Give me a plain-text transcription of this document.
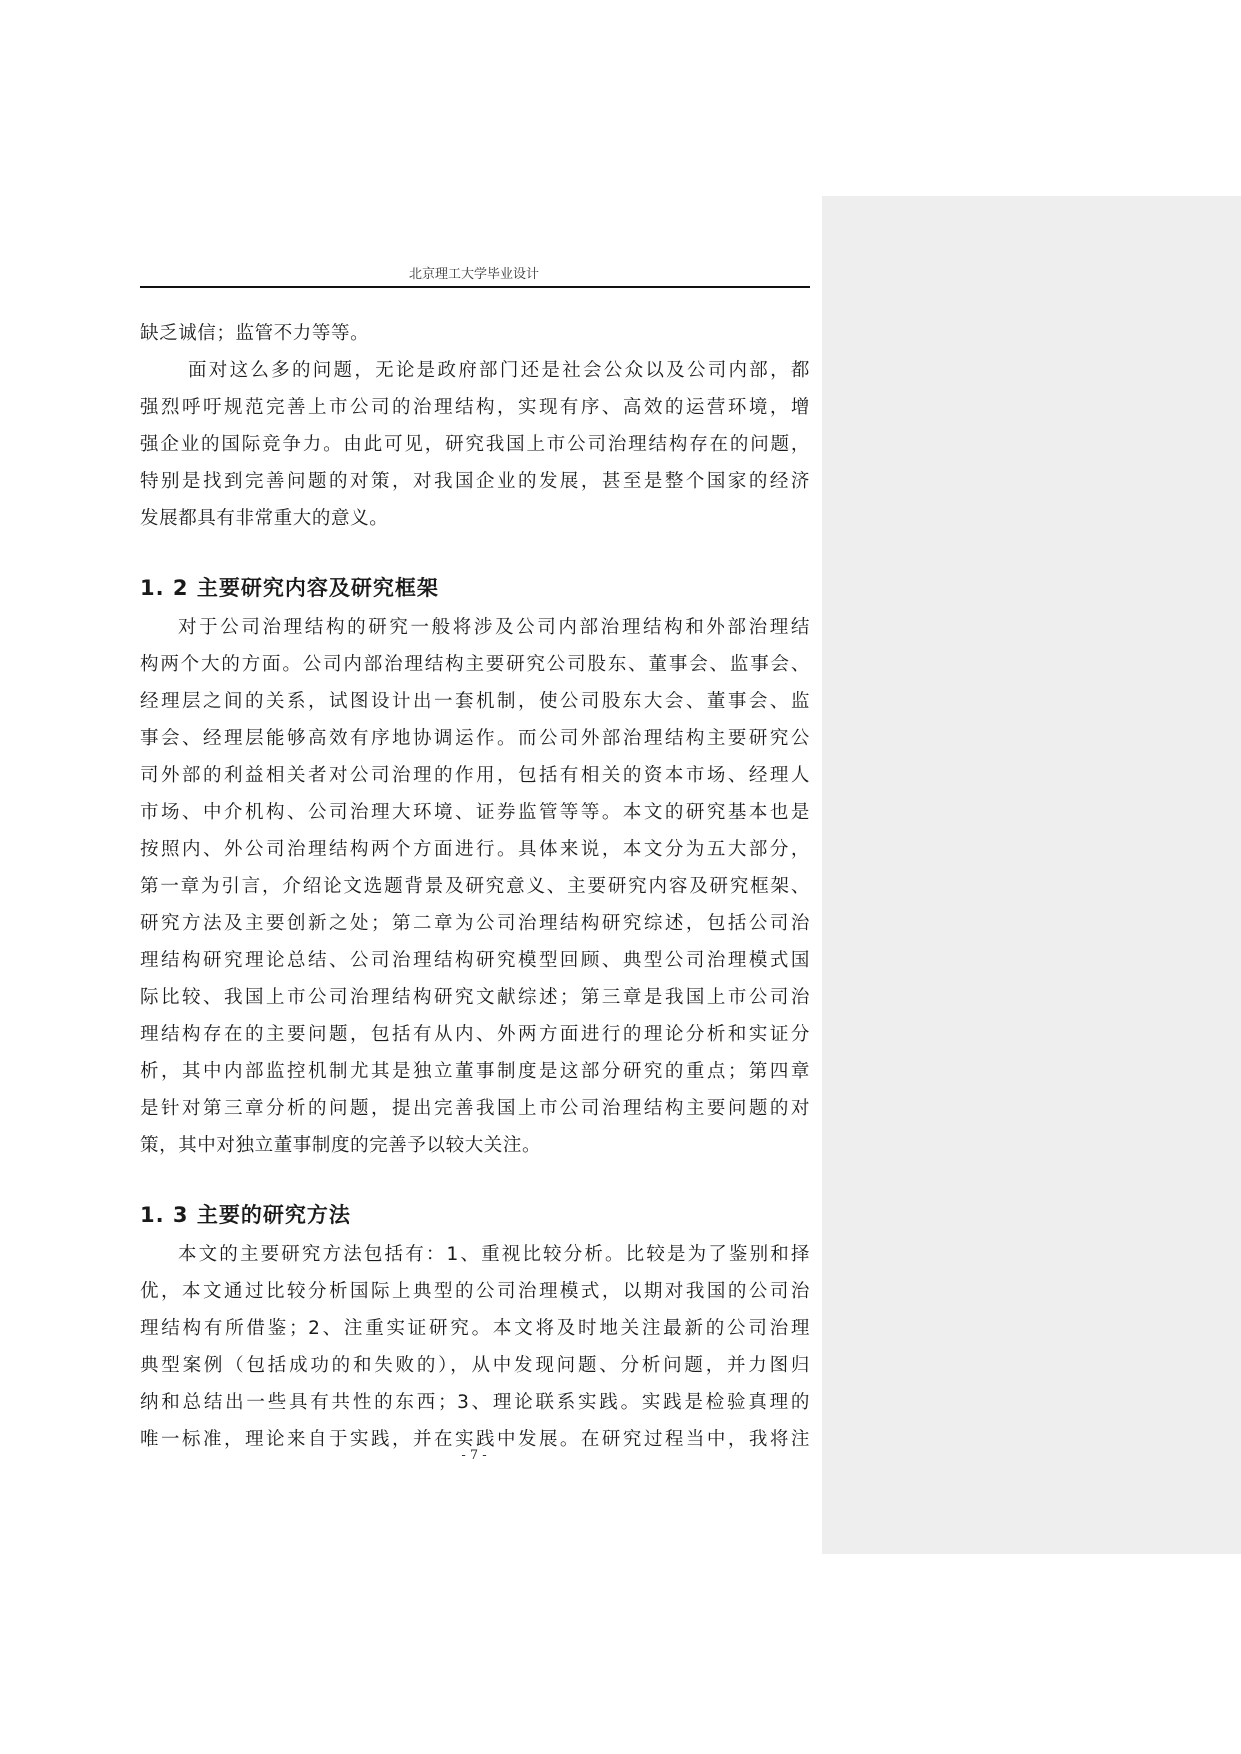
北京理工大学毕业设计
缺乏诚信；监管不力等等。
面对这么多的问题，无论是政府部门还是社会公众以及公司内部，都
强烈呼吁规范完善上市公司的治理结构，实现有序、高效的运营环境，增
强企业的国际竞争力。由此可见，研究我国上市公司治理结构存在的问题，
特别是找到完善问题的对策，对我国企业的发展，甚至是整个国家的经济
发展都具有非常重大的意义。
1. 2 主要研究内容及研究框架
对于公司治理结构的研究一般将涉及公司内部治理结构和外部治理结
构两个大的方面。公司内部治理结构主要研究公司股东、董事会、监事会、
经理层之间的关系，试图设计出一套机制，使公司股东大会、董事会、监
事会、经理层能够高效有序地协调运作。而公司外部治理结构主要研究公
司外部的利益相关者对公司治理的作用，包括有相关的资本市场、经理人
市场、中介机构、公司治理大环境、证券监管等等。本文的研究基本也是
按照内、外公司治理结构两个方面进行。具体来说，本文分为五大部分，
第一章为引言，介绍论文选题背景及研究意义、主要研究内容及研究框架、
研究方法及主要创新之处；第二章为公司治理结构研究综述，包括公司治
理结构研究理论总结、公司治理结构研究模型回顾、典型公司治理模式国
际比较、我国上市公司治理结构研究文献综述；第三章是我国上市公司治
理结构存在的主要问题，包括有从内、外两方面进行的理论分析和实证分
析，其中内部监控机制尤其是独立董事制度是这部分研究的重点；第四章
是针对第三章分析的问题，提出完善我国上市公司治理结构主要问题的对
策，其中对独立董事制度的完善予以较大关注。
1. 3 主要的研究方法
本文的主要研究方法包括有：1、重视比较分析。比较是为了鉴别和择
优，本文通过比较分析国际上典型的公司治理模式，以期对我国的公司治
理结构有所借鉴；2、注重实证研究。本文将及时地关注最新的公司治理
典型案例（包括成功的和失败的），从中发现问题、分析问题，并力图归
纳和总结出一些具有共性的东西；3、理论联系实践。实践是检验真理的
唯一标准，理论来自于实践，并在实践中发展。在研究过程当中，我将注
- 7 -
